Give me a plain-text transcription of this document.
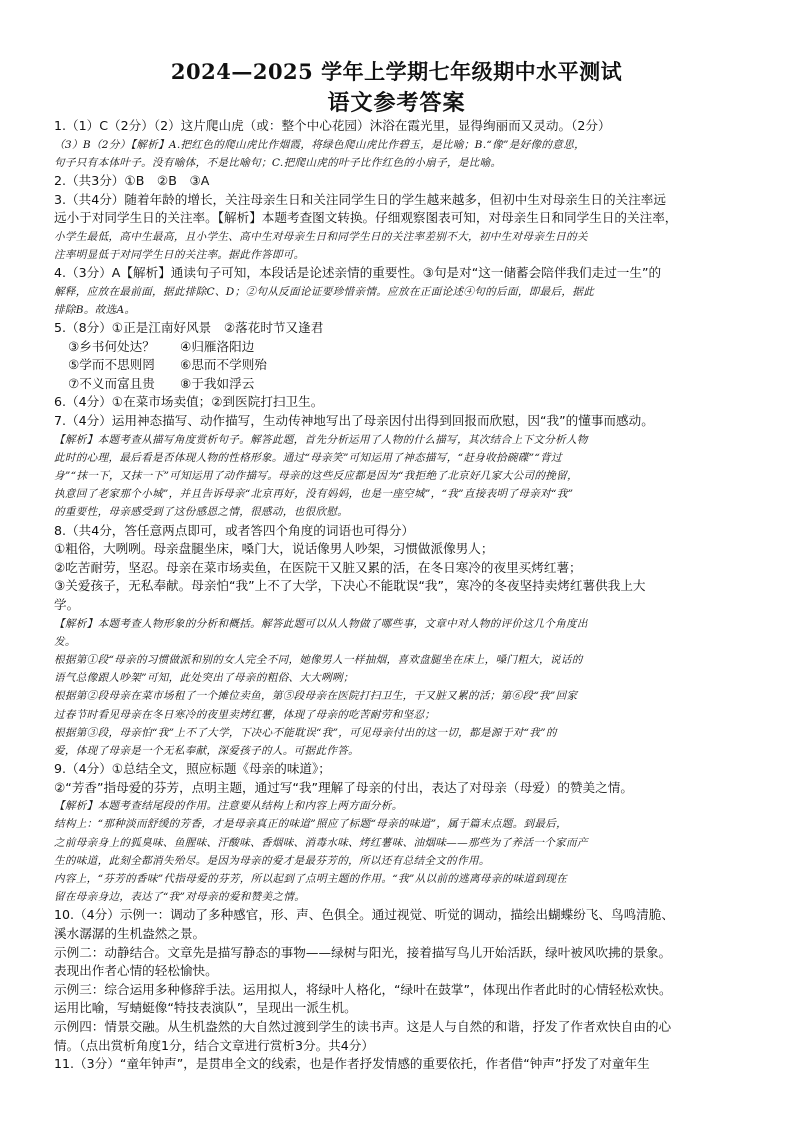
2024—2025 学年上学期七年级期中水平测试
语文参考答案
1.（1）C（2分）（2）这片爬山虎（或：整个中心花园）沐浴在霞光里，显得绚丽而又灵动。（2分）
（3）B（2分）【解析】A.把红色的爬山虎比作烟霞，将绿色爬山虎比作碧玉，是比喻；B.“像”是好像的意思，
句子只有本体叶子。没有喻体，不是比喻句；C.把爬山虎的叶子比作红色的小扇子，是比喻。
2.（共3分）①B　②B　③A
3.（共4分）随着年龄的增长，关注母亲生日和关注同学生日的学生越来越多，但初中生对母亲生日的关注率远
远小于对同学生日的关注率。【解析】本题考查图文转换。仔细观察图表可知，对母亲生日和同学生日的关注率，
小学生最低，高中生最高，且小学生、高中生对母亲生日和同学生日的关注率差别不大，初中生对母亲生日的关
注率明显低于对同学生日的关注率。据此作答即可。
4.（3分）A【解析】通读句子可知，本段话是论述亲情的重要性。③句是对“这一储蓄会陪伴我们走过一生”的
解释，应放在最前面，据此排除C、D；②句从反面论证要珍惜亲情。应放在正面论述④句的后面，即最后，据此
排除B。故选A。
5.（8分）①正是江南好风景　②落花时节又逢君
③乡书何处达？　　④归雁洛阳边
⑤学而不思则罔　　⑥思而不学则殆
⑦不义而富且贵　　⑧于我如浮云
6.（4分）①在菜市场卖值；②到医院打扫卫生。
7.（4分）运用神态描写、动作描写，生动传神地写出了母亲因付出得到回报而欣慰，因“我”的懂事而感动。
【解析】本题考查从描写角度赏析句子。解答此题，首先分析运用了人物的什么描写，其次结合上下文分析人物
此时的心理，最后看是否体现人物的性格形象。通过“母亲笑”可知运用了神态描写，“赶身收拾碗碟”“背过
身”“抹一下，又抹一下”可知运用了动作描写。母亲的这些反应都是因为“我拒绝了北京好几家大公司的挽留，
执意回了老家那个小城”，并且告诉母亲“北京再好，没有妈妈，也是一座空城”，“我”直接表明了母亲对“我”
的重要性，母亲感受到了这份感恩之情，很感动，也很欣慰。
8.（共4分，答任意两点即可，或者答四个角度的词语也可得分）
①粗俗，大咧咧。母亲盘腿坐床，嗓门大，说话像男人吵架，习惯做派像男人；
②吃苦耐劳，坚忍。母亲在菜市场卖鱼，在医院干又脏又累的活，在冬日寒冷的夜里买烤红薯；
③关爱孩子，无私奉献。母亲怕“我”上不了大学，下决心不能耽误“我”，寒冷的冬夜坚持卖烤红薯供我上大
学。
【解析】本题考查人物形象的分析和概括。解答此题可以从人物做了哪些事，文章中对人物的评价这几个角度出
发。
根据第①段“母亲的习惯做派和别的女人完全不同，她像男人一样抽烟，喜欢盘腿坐在床上，嗓门粗大，说话的
语气总像跟人吵架”可知，此处突出了母亲的粗俗、大大咧咧；
根据第②段母亲在菜市场租了一个摊位卖鱼，第⑤段母亲在医院打扫卫生，干又脏又累的活；第⑥段“我”回家
过春节时看见母亲在冬日寒冷的夜里卖烤红薯，体现了母亲的吃苦耐劳和坚忍；
根据第③段，母亲怕“我”上不了大学，下决心不能耽误“我”，可见母亲付出的这一切，都是源于对“我”的
爱，体现了母亲是一个无私奉献，深爱孩子的人。可据此作答。
9.（4分）①总结全文，照应标题《母亲的味道》；
②“芳香”指母爱的芬芳，点明主题，通过写“我”理解了母亲的付出，表达了对母亲（母爱）的赞美之情。
【解析】本题考查结尾段的作用。注意要从结构上和内容上两方面分析。
结构上：“那种淡而舒缓的芳香，才是母亲真正的味道”照应了标题“母亲的味道”，属于篇末点题。到最后，
之前母亲身上的狐臭味、鱼腥味、汗酸味、香烟味、消毒水味、烤红薯味、油烟味——那些为了养活一个家而产
生的味道，此刻全都消失殆尽。是因为母亲的爱才是最芬芳的，所以还有总结全文的作用。
内容上，“芬芳的香味”代指母爱的芬芳，所以起到了点明主题的作用。“我”从以前的逃离母亲的味道到现在
留在母亲身边，表达了“我”对母亲的爱和赞美之情。
10.（4分）示例一：调动了多种感官，形、声、色俱全。通过视觉、听觉的调动，描绘出蝴蝶纷飞、鸟鸣清脆、
溪水潺潺的生机盎然之景。
示例二：动静结合。文章先是描写静态的事物——绿树与阳光，接着描写鸟儿开始活跃，绿叶被风吹拂的景象。
表现出作者心情的轻松愉快。
示例三：综合运用多种修辞手法。运用拟人，将绿叶人格化，“绿叶在鼓掌”，体现出作者此时的心情轻松欢快。
运用比喻，写蜻蜓像“特技表演队”，呈现出一派生机。
示例四：情景交融。从生机盎然的大自然过渡到学生的读书声。这是人与自然的和谐，抒发了作者欢快自由的心
情。（点出赏析角度1分，结合文章进行赏析3分。共4分）
11.（3分）“童年钟声”，是贯串全文的线索，也是作者抒发情感的重要依托，作者借“钟声”抒发了对童年生
